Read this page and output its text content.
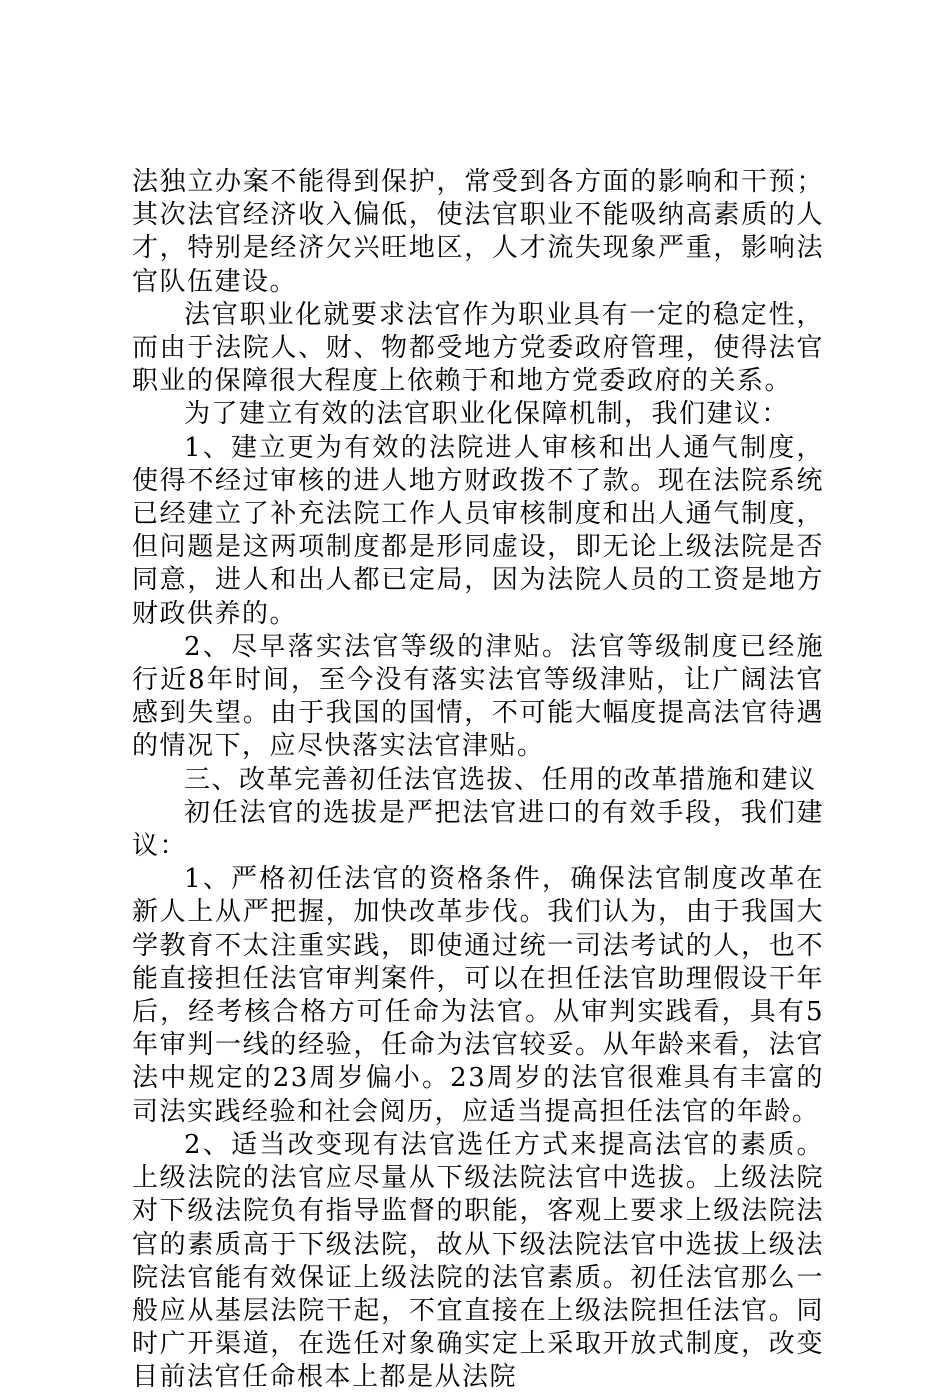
法独立办案不能得到保护，常受到各方面的影响和干预；其次法官经济收入偏低，使法官职业不能吸纳高素质的人才，特别是经济欠兴旺地区，人才流失现象严重，影响法官队伍建设。

法官职业化就要求法官作为职业具有一定的稳定性，而由于法院人、财、物都受地方党委政府管理，使得法官职业的保障很大程度上依赖于和地方党委政府的关系。

为了建立有效的法官职业化保障机制，我们建议：

1、建立更为有效的法院进人审核和出人通气制度，使得不经过审核的进人地方财政拨不了款。现在法院系统已经建立了补充法院工作人员审核制度和出人通气制度，但问题是这两项制度都是形同虚设，即无论上级法院是否同意，进人和出人都已定局，因为法院人员的工资是地方财政供养的。

2、尽早落实法官等级的津贴。法官等级制度已经施行近8年时间，至今没有落实法官等级津贴，让广阔法官感到失望。由于我国的国情，不可能大幅度提高法官待遇的情况下，应尽快落实法官津贴。

三、改革完善初任法官选拔、任用的改革措施和建议

初任法官的选拔是严把法官进口的有效手段，我们建议：

1、严格初任法官的资格条件，确保法官制度改革在新人上从严把握，加快改革步伐。我们认为，由于我国大学教育不太注重实践，即使通过统一司法考试的人，也不能直接担任法官审判案件，可以在担任法官助理假设干年后，经考核合格方可任命为法官。从审判实践看，具有5年审判一线的经验，任命为法官较妥。从年龄来看，法官法中规定的23周岁偏小。23周岁的法官很难具有丰富的司法实践经验和社会阅历，应适当提高担任法官的年龄。

2、适当改变现有法官选任方式来提高法官的素质。上级法院的法官应尽量从下级法院法官中选拔。上级法院对下级法院负有指导监督的职能，客观上要求上级法院法官的素质高于下级法院，故从下级法院法官中选拔上级法院法官能有效保证上级法院的法官素质。初任法官那么一般应从基层法院干起，不宜直接在上级法院担任法官。同时广开渠道，在选任对象确实定上采取开放式制度，改变目前法官任命根本上都是从法院
